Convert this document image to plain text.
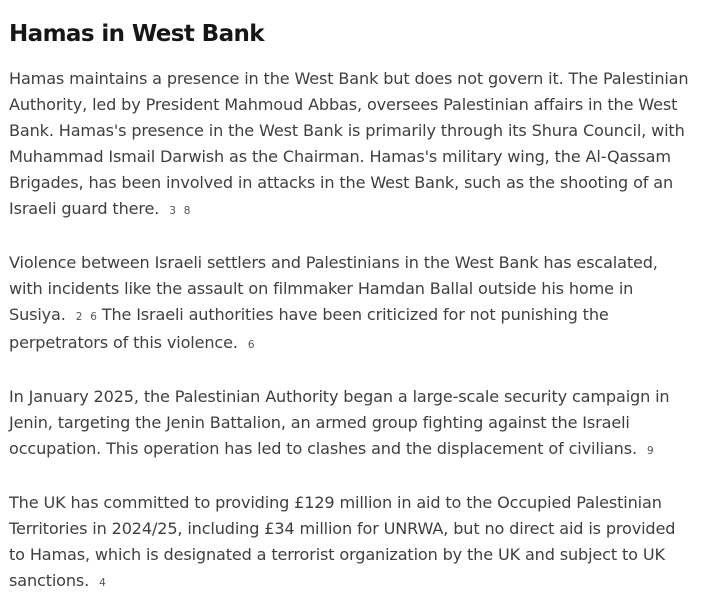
Hamas in West Bank

Hamas maintains a presence in the West Bank but does not govern it. The Palestinian Authority, led by President Mahmoud Abbas, oversees Palestinian affairs in the West Bank. Hamas's presence in the West Bank is primarily through its Shura Council, with Muhammad Ismail Darwish as the Chairman. Hamas's military wing, the Al-Qassam Brigades, has been involved in attacks in the West Bank, such as the shooting of an Israeli guard there. 3 8

Violence between Israeli settlers and Palestinians in the West Bank has escalated, with incidents like the assault on filmmaker Hamdan Ballal outside his home in Susiya. 2 6 The Israeli authorities have been criticized for not punishing the perpetrators of this violence. 6

In January 2025, the Palestinian Authority began a large-scale security campaign in Jenin, targeting the Jenin Battalion, an armed group fighting against the Israeli occupation. This operation has led to clashes and the displacement of civilians. 9

The UK has committed to providing £129 million in aid to the Occupied Palestinian Territories in 2024/25, including £34 million for UNRWA, but no direct aid is provided to Hamas, which is designated a terrorist organization by the UK and subject to UK sanctions. 4
